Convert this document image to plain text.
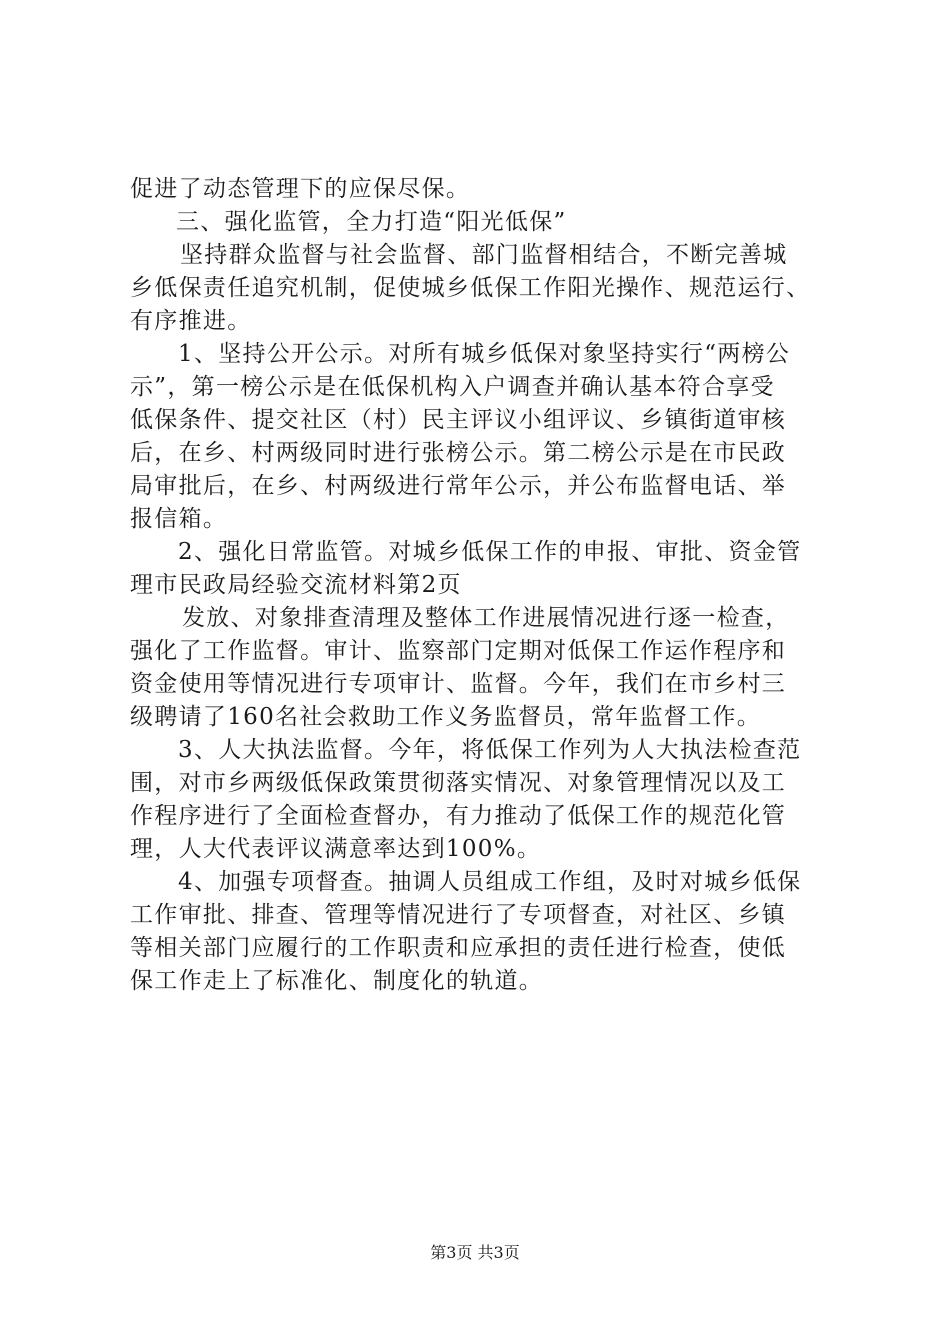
促进了动态管理下的应保尽保。
三、强化监管，全力打造“阳光低保”
坚持群众监督与社会监督、部门监督相结合，不断完善城
乡低保责任追究机制，促使城乡低保工作阳光操作、规范运行、
有序推进。
1、坚持公开公示。对所有城乡低保对象坚持实行“两榜公
示”，第一榜公示是在低保机构入户调查并确认基本符合享受
低保条件、提交社区（村）民主评议小组评议、乡镇街道审核
后，在乡、村两级同时进行张榜公示。第二榜公示是在市民政
局审批后，在乡、村两级进行常年公示，并公布监督电话、举
报信箱。
2、强化日常监管。对城乡低保工作的申报、审批、资金管
理市民政局经验交流材料第2页
发放、对象排查清理及整体工作进展情况进行逐一检查，
强化了工作监督。审计、监察部门定期对低保工作运作程序和
资金使用等情况进行专项审计、监督。今年，我们在市乡村三
级聘请了160名社会救助工作义务监督员，常年监督工作。
3、人大执法监督。今年，将低保工作列为人大执法检查范
围，对市乡两级低保政策贯彻落实情况、对象管理情况以及工
作程序进行了全面检查督办，有力推动了低保工作的规范化管
理，人大代表评议满意率达到100%。
4、加强专项督查。抽调人员组成工作组，及时对城乡低保
工作审批、排查、管理等情况进行了专项督查，对社区、乡镇
等相关部门应履行的工作职责和应承担的责任进行检查，使低
保工作走上了标准化、制度化的轨道。
第3页 共3页
